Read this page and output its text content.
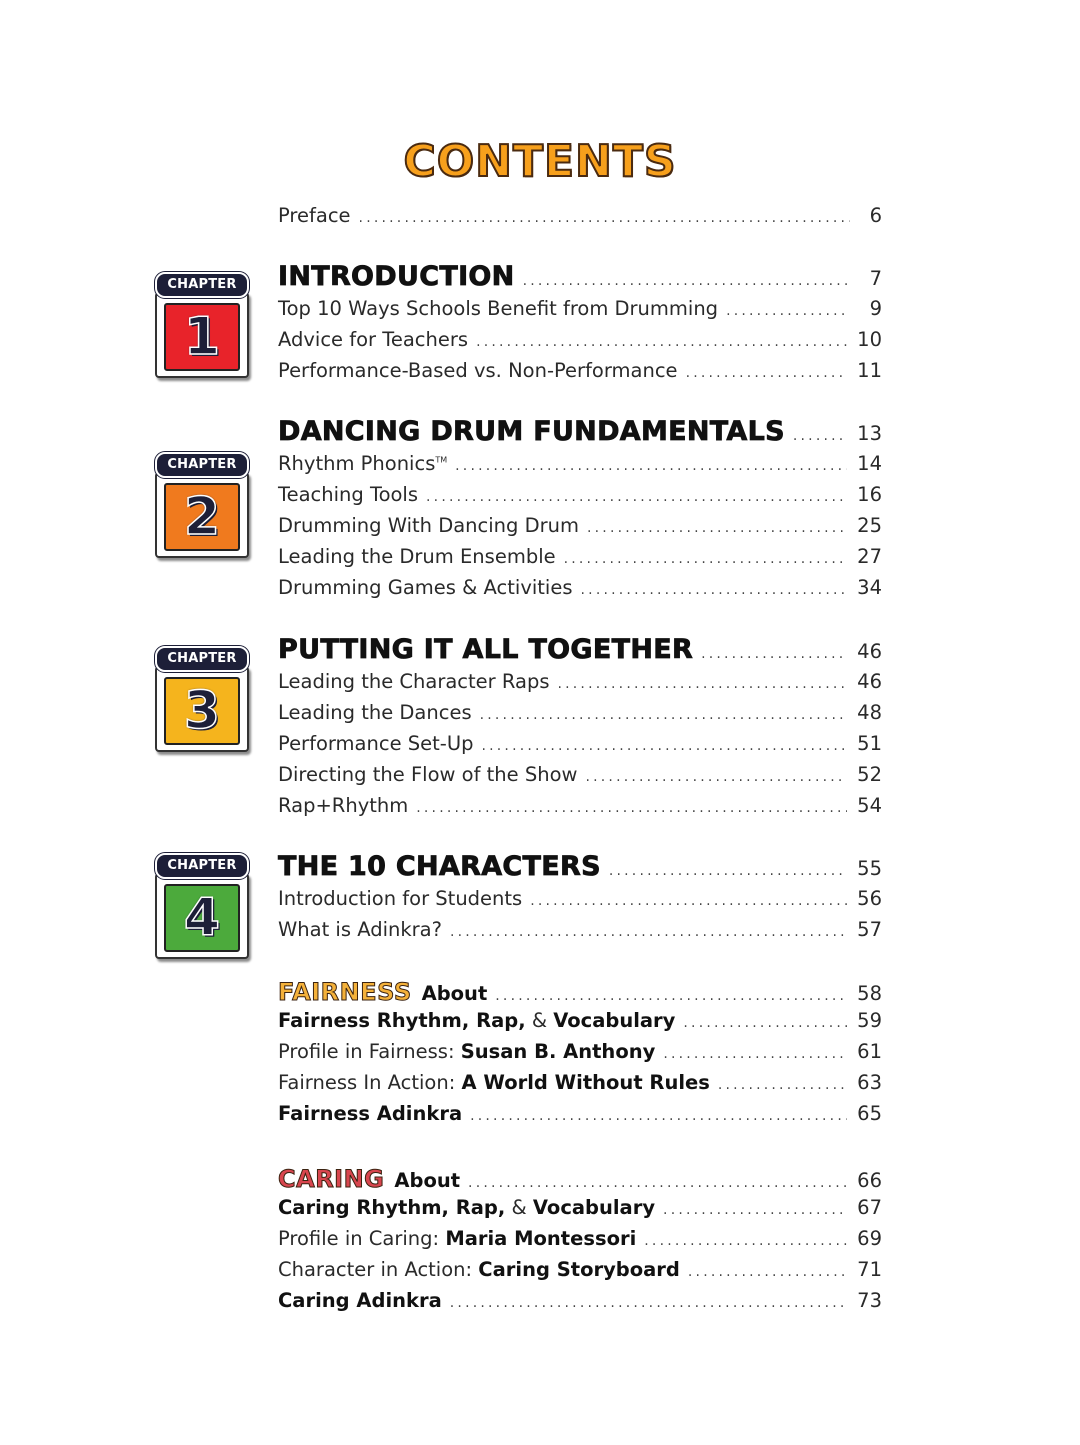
CONTENTS
Preface .....	6
CHAPTER
1
INTRODUCTION .....	7
Top 10 Ways Schools Benefit from Drumming .....	9
Advice for Teachers .....	10
Performance-Based vs. Non-Performance .....	11
CHAPTER
2
DANCING DRUM FUNDAMENTALS .....	13
Rhythm Phonics™ .....	14
Teaching Tools .....	16
Drumming With Dancing Drum .....	25
Leading the Drum Ensemble .....	27
Drumming Games & Activities .....	34
CHAPTER
3
PUTTING IT ALL TOGETHER .....	46
Leading the Character Raps .....	46
Leading the Dances .....	48
Performance Set-Up .....	51
Directing the Flow of the Show .....	52
Rap+Rhythm .....	54
CHAPTER
4
THE 10 CHARACTERS .....	55
Introduction for Students .....	56
What is Adinkra? .....	57
FAIRNESS About .....	58
Fairness Rhythm, Rap, & Vocabulary .....	59
Profile in Fairness: Susan B. Anthony .....	61
Fairness In Action: A World Without Rules .....	63
Fairness Adinkra .....	65
CARING About .....	66
Caring Rhythm, Rap, & Vocabulary .....	67
Profile in Caring: Maria Montessori .....	69
Character in Action: Caring Storyboard .....	71
Caring Adinkra .....	73
